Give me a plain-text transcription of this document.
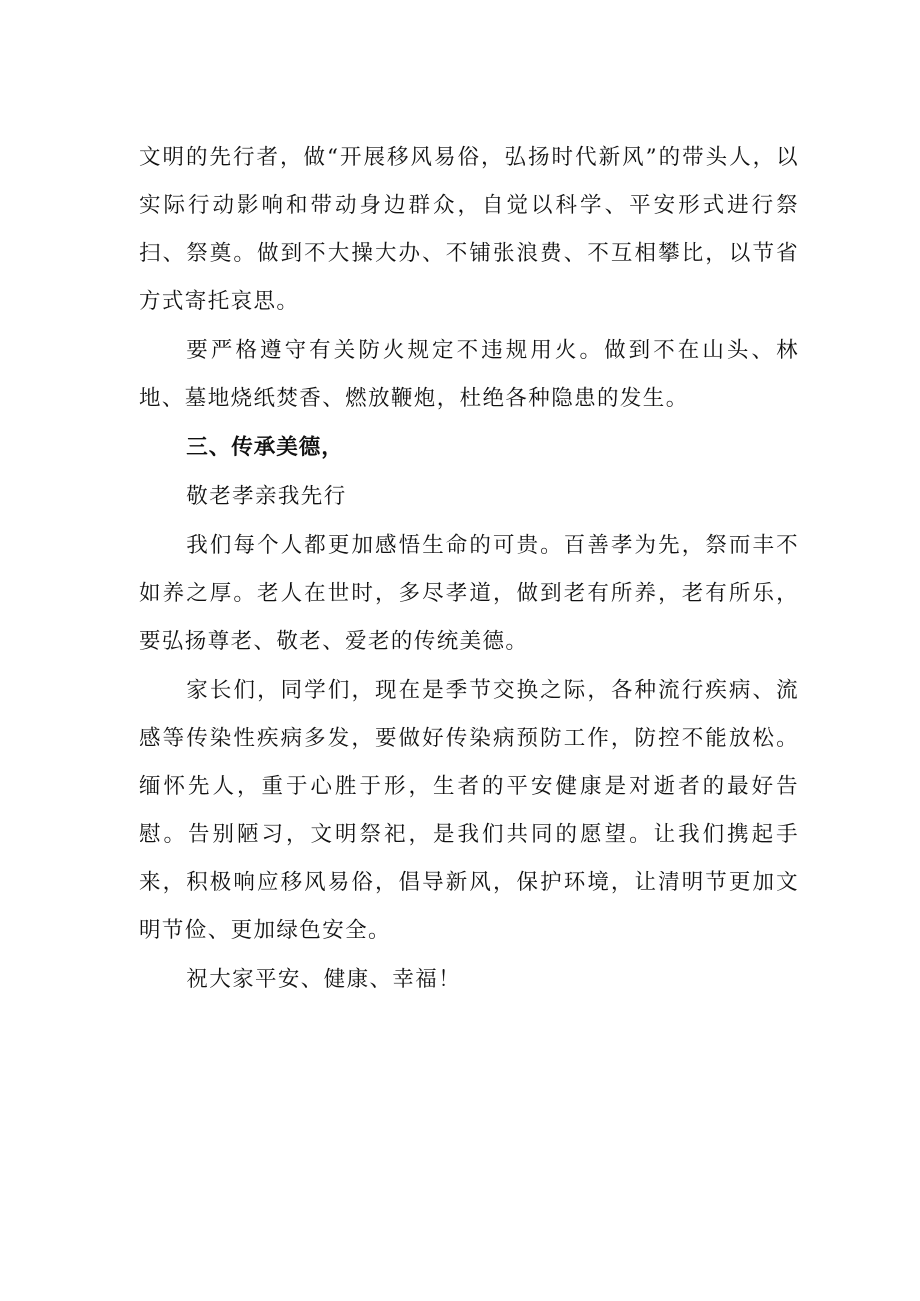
文明的先行者，做“开展移风易俗，弘扬时代新风”的带头人，以实际行动影响和带动身边群众，自觉以科学、平安形式进行祭扫、祭奠。做到不大操大办、不铺张浪费、不互相攀比，以节省方式寄托哀思。

要严格遵守有关防火规定不违规用火。做到不在山头、林地、墓地烧纸焚香、燃放鞭炮，杜绝各种隐患的发生。

三、传承美德，

敬老孝亲我先行

我们每个人都更加感悟生命的可贵。百善孝为先，祭而丰不如养之厚。老人在世时，多尽孝道，做到老有所养，老有所乐，要弘扬尊老、敬老、爱老的传统美德。

家长们，同学们，现在是季节交换之际，各种流行疾病、流感等传染性疾病多发，要做好传染病预防工作，防控不能放松。缅怀先人，重于心胜于形，生者的平安健康是对逝者的最好告慰。告别陋习，文明祭祀，是我们共同的愿望。让我们携起手来，积极响应移风易俗，倡导新风，保护环境，让清明节更加文明节俭、更加绿色安全。

祝大家平安、健康、幸福！
